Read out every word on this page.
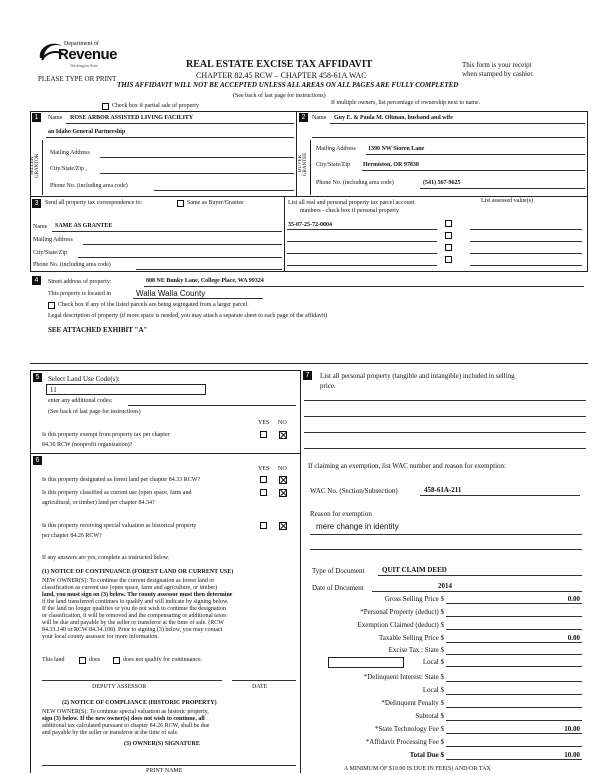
Department of
Revenue
Washington State
PLEASE TYPE OR PRINT
REAL ESTATE EXCISE TAX AFFIDAVIT
CHAPTER 82.45 RCW – CHAPTER 458-61A WAC
THIS AFFIDAVIT WILL NOT BE ACCEPTED UNLESS ALL AREAS ON ALL PAGES ARE FULLY COMPLETED
(See back of last page for instructions)
This form is your receipt
when stamped by cashier.
Check box if partial sale of property	If multiple owners, list percentage of ownership next to name.
1
SELLER GRANTOR
Name ROSE ARBOR ASSISTED LIVING FACILITY
an Idaho General Partnership
Mailing Address
City/State/Zip ,
Phone No. (including area code)
2	Name Guy E. & Paula M. Oltman, husband and wife
BUYER GRANTEE
Mailing Address 1390 NW Sioren Lane
City/State/Zip Hermiston, OR 97838
Phone No. (including area code)	(541) 567-9625
3	Send all property tax correspondence to:	Same as Buyer/Grantee
Name SAME AS GRANTEE
Mailing Address
City/State/Zip
Phone No. (including area code)
List all real and personal property tax parcel account
numbers - check box if personal property
List assessed value(s)
35-07-25-72-0004
4	Street address of property:	808 NE Bunky Lane, College Place, WA 99324
This property is located in	Walla Walla County
Check box if any of the listed parcels are being segregated from a larger parcel.
Legal description of property (if more space is needed, you may attach a separate sheet to each page of the affidavit)
SEE ATTACHED EXHIBIT "A"
5	Select Land Use Code(s):
11
enter any additional codes:
(See back of last page for instructions)
YES NO
Is this property exempt from property tax per chapter
84.36 RCW (nonprofit organization)?
6
YES NO
Is this property designated as forest land per chapter 84.33 RCW?
Is this property classified as current use (open space, farm and
agricultural, or timber) land per chapter 84.34?
Is this property receiving special valuation as historical property
per chapter 84.26 RCW?
If any answers are yes, complete as instructed below.
(1) NOTICE OF CONTINUANCE (FOREST LAND OR CURRENT USE)
NEW OWNER(S): To continue the current designation as forest land or
classification as current use (open space, farm and agriculture, or timber)
land, you must sign on (3) below. The county assessor must then determine
if the land transferred continues to qualify and will indicate by signing below.
If the land no longer qualifies or you do not wish to continue the designation
or classification, it will be removed and the compensating or additional taxes
will be due and payable by the seller or transferor at the time of sale. (RCW
84.33.140 or RCW 84.34.108). Prior to signing (3) below, you may contact
your local county assessor for more information.
This land	does	does not qualify for continuance.
DEPUTY ASSESSOR	DATE
(2) NOTICE OF COMPLIANCE (HISTORIC PROPERTY)
NEW OWNER(S): To continue special valuation as historic property,
sign (3) below. If the new owner(s) does not wish to continue, all
additional tax calculated pursuant to chapter 84.26 RCW, shall be due
and payable by the seller or transferor at the time of sale.
(3) OWNER(S) SIGNATURE
PRINT NAME
7	List all personal property (tangible and intangible) included in selling
price.
If claiming an exemption, list WAC number and reason for exemption:
WAC No. (Section/Subsection)	458-61A-211
Reason for exemption
mere change in identity
Type of Document	QUIT CLAIM DEED
Date of Document	2014
Gross Selling Price $	0.00
*Personal Property (deduct) $
Exemption Claimed (deduct) $
Taxable Selling Price $	0.00
Excise Tax : State $
Local $
*Delinquent Interest: State $
Local $
*Delinquent Penalty $
Subtotal $
*State Technology Fee $	10.00
*Affidavit Processing Fee $
Total Due $	10.00
A MINIMUM OF $10.00 IS DUE IN FEE(S) AND/OR TAX
